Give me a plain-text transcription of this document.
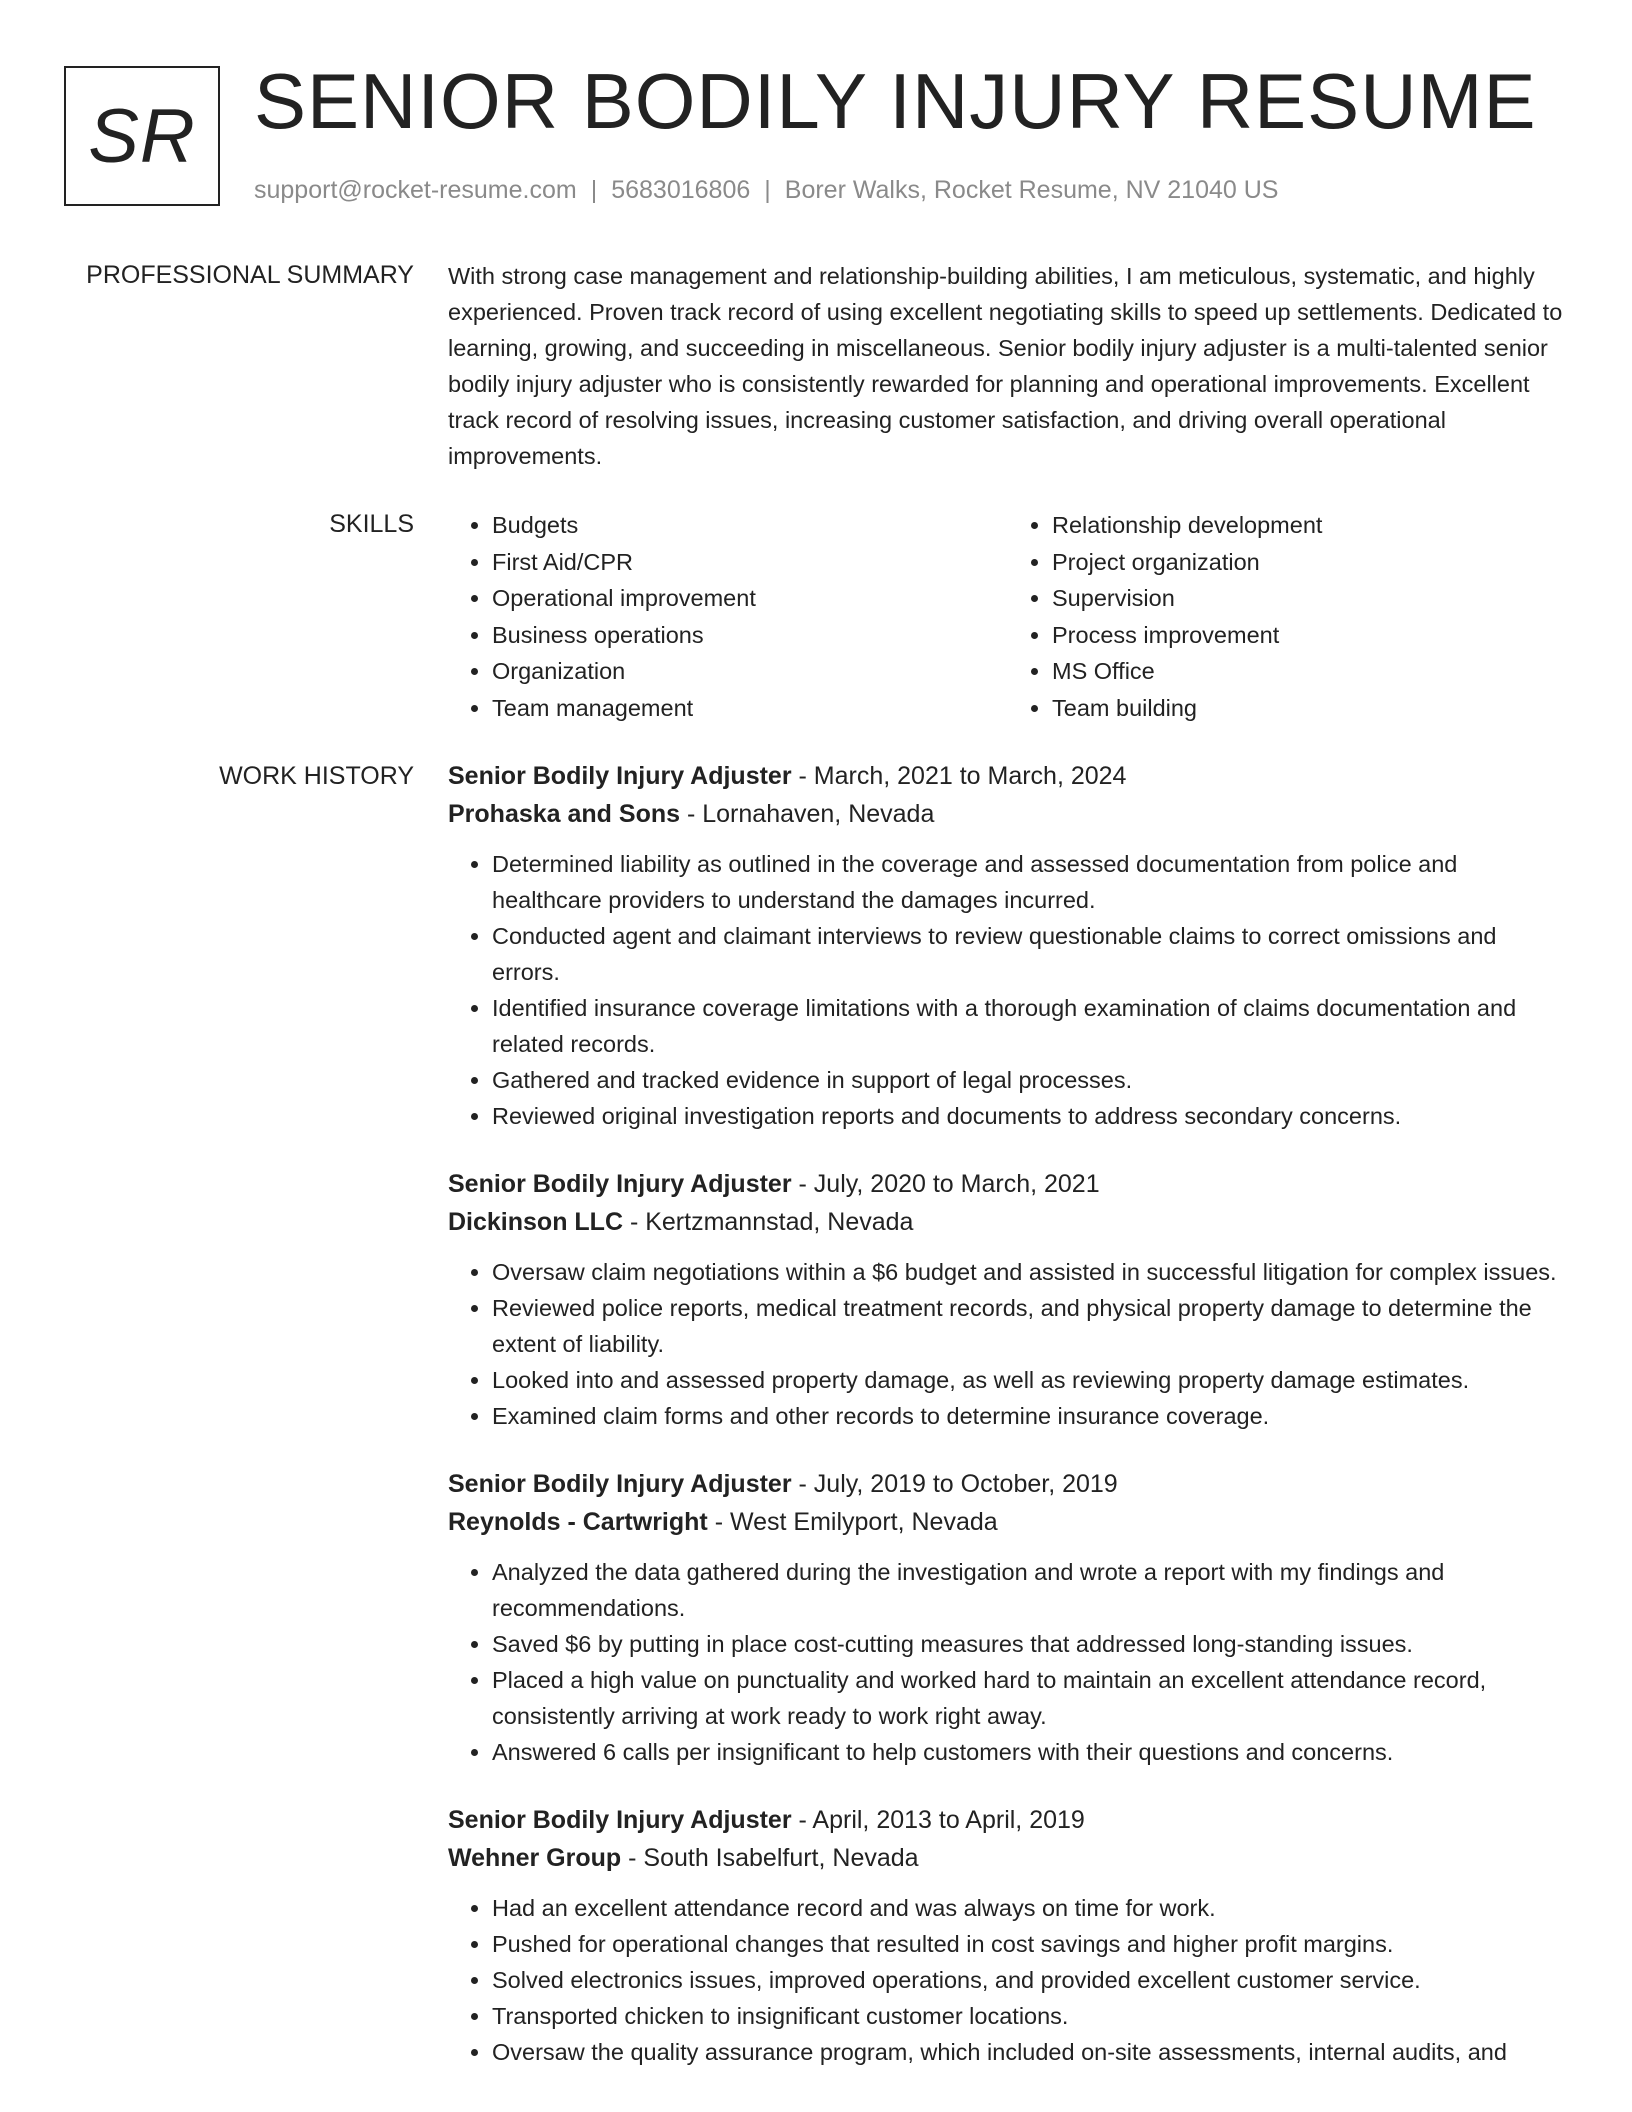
SR SENIOR BODILY INJURY RESUME
support@rocket-resume.com | 5683016806 | Borer Walks, Rocket Resume, NV 21040 US
PROFESSIONAL SUMMARY With strong case management and relationship-building abilities, I am meticulous, systematic, and highly experienced. Proven track record of using excellent negotiating skills to speed up settlements. Dedicated to learning, growing, and succeeding in miscellaneous. Senior bodily injury adjuster is a multi-talented senior bodily injury adjuster who is consistently rewarded for planning and operational improvements. Excellent track record of resolving issues, increasing customer satisfaction, and driving overall operational improvements.

SKILLS
•	Budgets
• First Aid/CPR
• Operational improvement
• Business operations
• Organization
• Team management
• Relationship development
• Project organization
• Supervision
• Process improvement
• MS Office
• Team building
WORK HISTORY Senior Bodily Injury Adjuster - March, 2021 to March, 2024
Prohaska and Sons - Lornahaven, Nevada
• Determined liability as outlined in the coverage and assessed documentation from police and healthcare providers to understand the damages incurred.
• Conducted agent and claimant interviews to review questionable claims to correct omissions and errors.
• Identified insurance coverage limitations with a thorough examination of claims documentation and related records.
• Gathered and tracked evidence in support of legal processes.
• Reviewed original investigation reports and documents to address secondary concerns.
Senior Bodily Injury Adjuster - July, 2020 to March, 2021
Dickinson LLC - Kertzmannstad, Nevada
• Oversaw claim negotiations within a $6 budget and assisted in successful litigation for complex issues.
• Reviewed police reports, medical treatment records, and physical property damage to determine the extent of liability.
• Looked into and assessed property damage, as well as reviewing property damage estimates.
• Examined claim forms and other records to determine insurance coverage.
Senior Bodily Injury Adjuster - July, 2019 to October, 2019
Reynolds - Cartwright - West Emilyport, Nevada
• Analyzed the data gathered during the investigation and wrote a report with my findings and recommendations.
• Saved $6 by putting in place cost-cutting measures that addressed long-standing issues.
• Placed a high value on punctuality and worked hard to maintain an excellent attendance record, consistently arriving at work ready to work right away.
• Answered 6 calls per insignificant to help customers with their questions and concerns.
Senior Bodily Injury Adjuster - April, 2013 to April, 2019
Wehner Group - South Isabelfurt, Nevada
• Had an excellent attendance record and was always on time for work.
• Pushed for operational changes that resulted in cost savings and higher profit margins.
• Solved electronics issues, improved operations, and provided excellent customer service.
• Transported chicken to insignificant customer locations.
• Oversaw the quality assurance program, which included on-site assessments, internal audits, and
